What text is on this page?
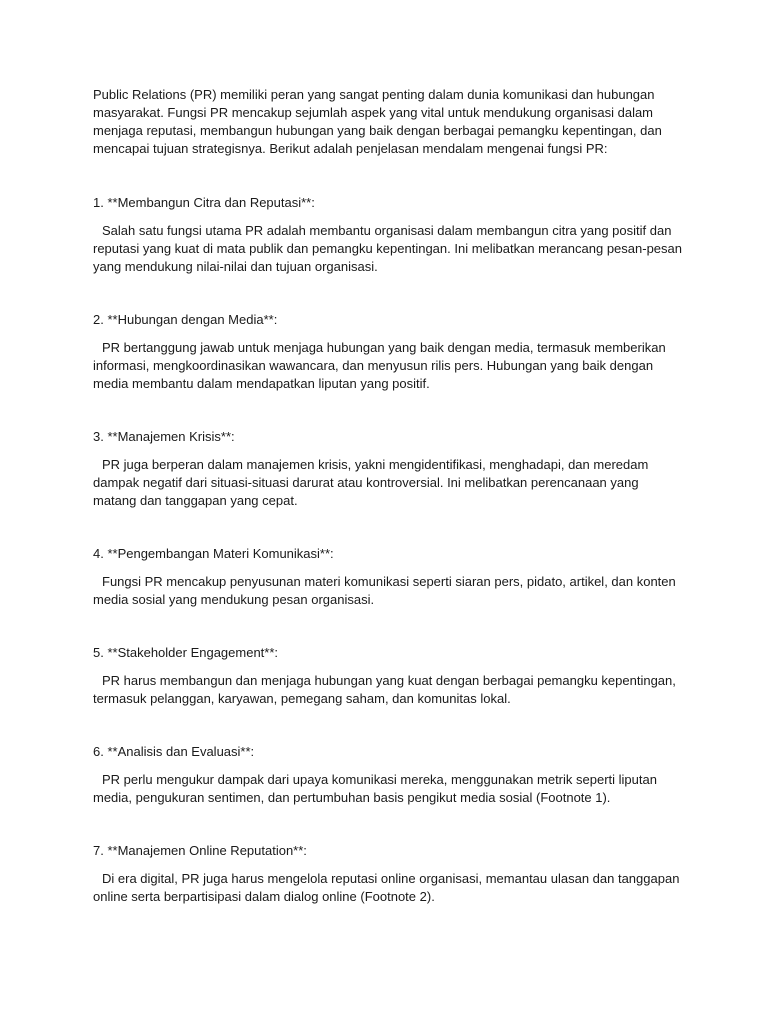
Public Relations (PR) memiliki peran yang sangat penting dalam dunia komunikasi dan hubungan masyarakat. Fungsi PR mencakup sejumlah aspek yang vital untuk mendukung organisasi dalam menjaga reputasi, membangun hubungan yang baik dengan berbagai pemangku kepentingan, dan mencapai tujuan strategisnya. Berikut adalah penjelasan mendalam mengenai fungsi PR:

1. **Membangun Citra dan Reputasi**:

Salah satu fungsi utama PR adalah membantu organisasi dalam membangun citra yang positif dan reputasi yang kuat di mata publik dan pemangku kepentingan. Ini melibatkan merancang pesan-pesan yang mendukung nilai-nilai dan tujuan organisasi.

2. **Hubungan dengan Media**:

PR bertanggung jawab untuk menjaga hubungan yang baik dengan media, termasuk memberikan informasi, mengkoordinasikan wawancara, dan menyusun rilis pers. Hubungan yang baik dengan media membantu dalam mendapatkan liputan yang positif.

3. **Manajemen Krisis**:

PR juga berperan dalam manajemen krisis, yakni mengidentifikasi, menghadapi, dan meredam dampak negatif dari situasi-situasi darurat atau kontroversial. Ini melibatkan perencanaan yang matang dan tanggapan yang cepat.

4. **Pengembangan Materi Komunikasi**:

Fungsi PR mencakup penyusunan materi komunikasi seperti siaran pers, pidato, artikel, dan konten media sosial yang mendukung pesan organisasi.

5. **Stakeholder Engagement**:

PR harus membangun dan menjaga hubungan yang kuat dengan berbagai pemangku kepentingan, termasuk pelanggan, karyawan, pemegang saham, dan komunitas lokal.

6. **Analisis dan Evaluasi**:

PR perlu mengukur dampak dari upaya komunikasi mereka, menggunakan metrik seperti liputan media, pengukuran sentimen, dan pertumbuhan basis pengikut media sosial (Footnote 1).

7. **Manajemen Online Reputation**:

Di era digital, PR juga harus mengelola reputasi online organisasi, memantau ulasan dan tanggapan online serta berpartisipasi dalam dialog online (Footnote 2).
